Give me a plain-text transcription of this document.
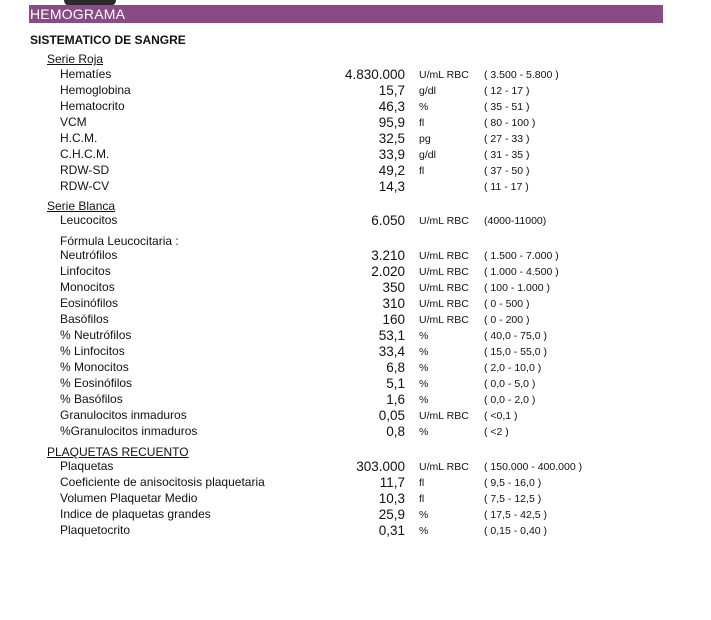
HEMOGRAMA
SISTEMATICO DE SANGRE
Serie Roja
Hematíes	4.830.000 U/mL RBC ( 3.500 - 5.800 )
Hemoglobina	15,7 g/dl	( 12 - 17 )
Hematocrito	46,3 %	( 35 - 51 )
VCM	95,9 fl	( 80 - 100 )
H.C.M.	32,5 pg	( 27 - 33 )
C.H.C.M.	33,9 g/dl	( 31 - 35 )
RDW-SD	49,2 fl	( 37 - 50 )
RDW-CV	14,3	( 11 - 17 )
Serie Blanca
Leucocitos	6.050 U/mL RBC (4000-11000)
Fórmula Leucocitaria :
Neutrófilos	3.210 U/mL RBC ( 1.500 - 7.000 )
Linfocitos	2.020 U/mL RBC ( 1.000 - 4.500 )
Monocitos	350 U/mL RBC ( 100 - 1.000 )
Eosinófilos	310 U/mL RBC ( 0 - 500 )
Basófilos	160 U/mL RBC ( 0 - 200 )
% Neutrófilos	53,1 %	( 40,0 - 75,0 )
% Linfocitos	33,4 %	( 15,0 - 55,0 )
% Monocitos	6,8 %	( 2,0 - 10,0 )
% Eosinófilos	5,1 %	( 0,0 - 5,0 )
% Basófilos	1,6 %	( 0,0 - 2,0 )
Granulocitos inmaduros	0,05 U/mL RBC ( <0,1 )
%Granulocitos inmaduros	0,8 %	( <2 )
PLAQUETAS RECUENTO
Plaquetas	303.000 U/mL RBC ( 150.000 - 400.000 )
Coeficiente de anisocitosis plaquetaria	11,7 fl	( 9,5 - 16,0 )
Volumen Plaquetar Medio	10,3 fl	( 7,5 - 12,5 )
Indice de plaquetas grandes	25,9 %	( 17,5 - 42,5 )
Plaquetocrito	0,31 %	( 0,15 - 0,40 )
